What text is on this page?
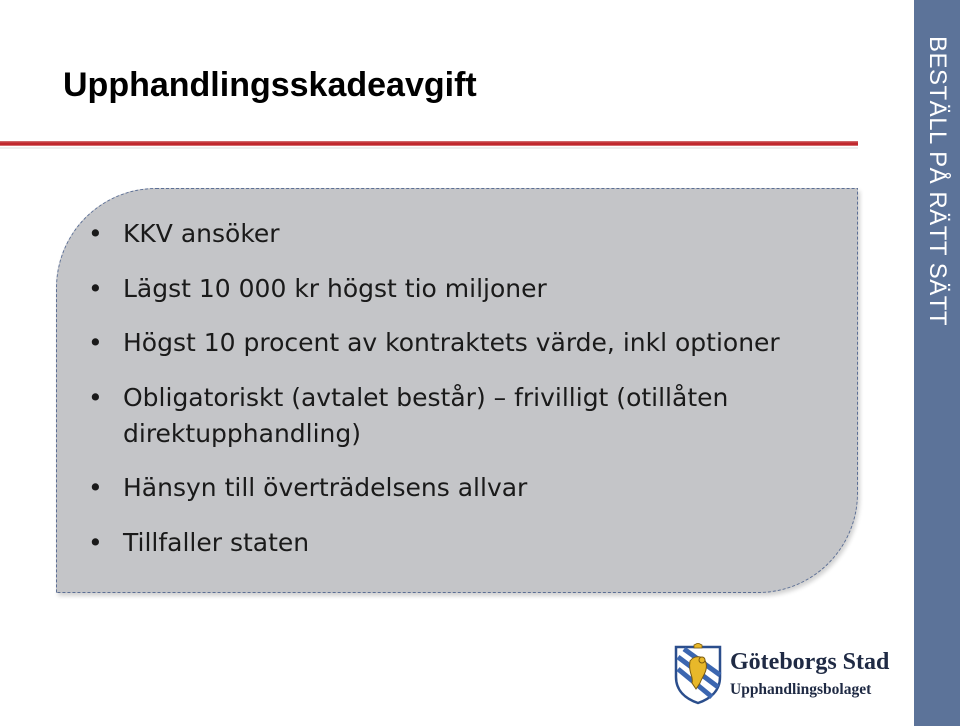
Upphandlingsskadeavgift
• KKV ansöker
• Lägst 10 000 kr högst tio miljoner
• Högst 10 procent av kontraktets värde, inkl optioner
• Obligatoriskt (avtalet består) – frivilligt (otillåten direktupphandling)
• Hänsyn till överträdelsens allvar
• Tillfaller staten
BESTÄLL PÅ RÄTT SÄTT
Göteborgs Stad
Upphandlingsbolaget
